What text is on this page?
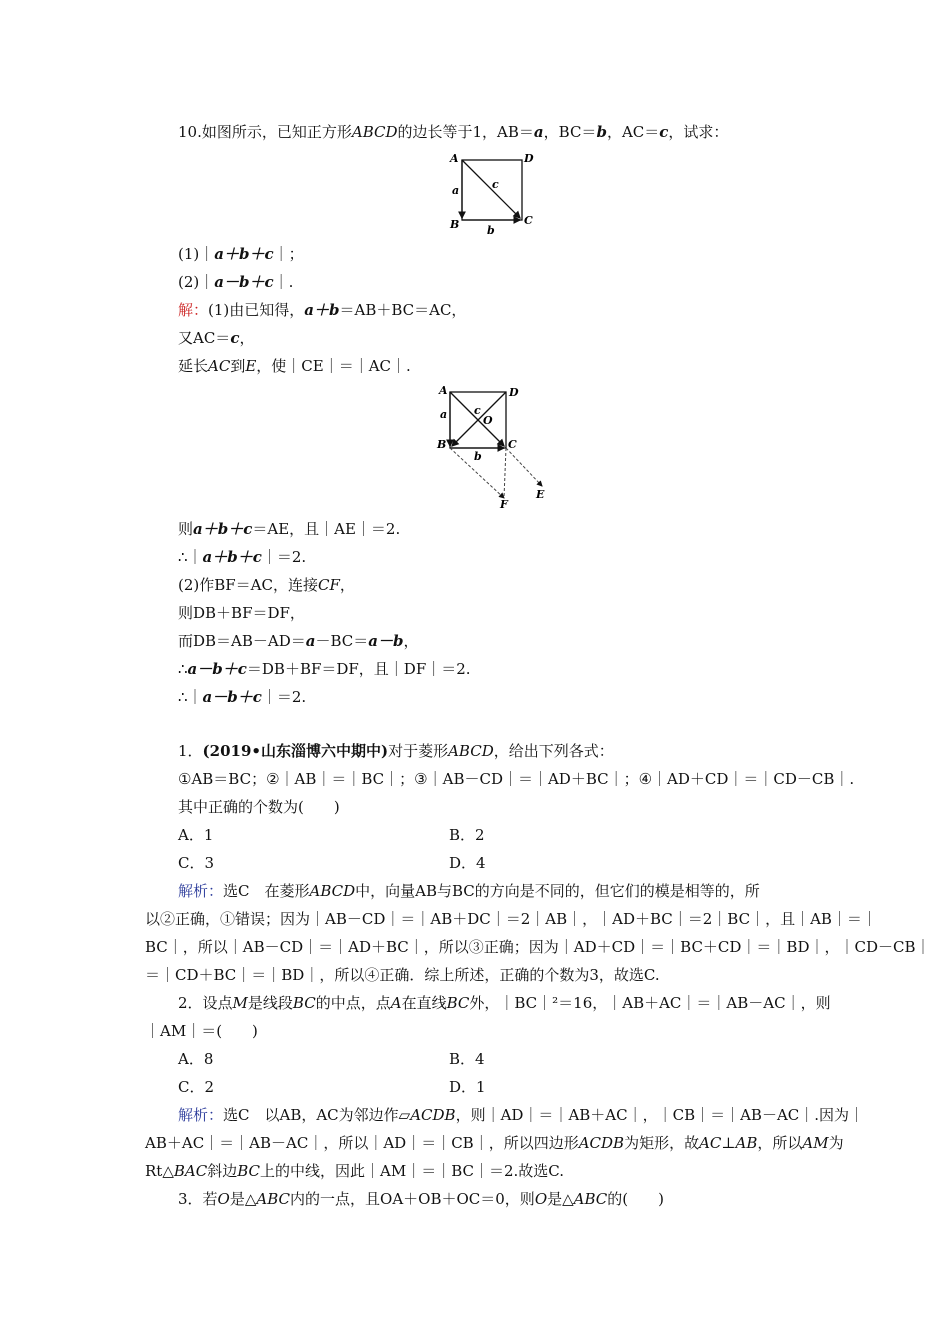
10.如图所示，已知正方形ABCD的边长等于1，AB＝a，BC＝b，AC＝c，试求：
A	D
B	C
a
b
c
(1)｜a＋b＋c｜；
(2)｜a－b＋c｜.
解：(1)由已知得，a＋b＝AB＋BC＝AC，
又AC＝c，
延长AC到E，使｜CE｜＝｜AC｜.
A	D
B	C
a
b
c
O
E
F
则a＋b＋c＝AE，且｜AE｜＝2.
∴｜a＋b＋c｜＝2.
(2)作BF＝AC，连接CF，
则DB＋BF＝DF，
而DB＝AB－AD＝a－BC＝a－b，
∴a－b＋c＝DB＋BF＝DF，且｜DF｜＝2.
∴｜a－b＋c｜＝2.
1．(2019•山东淄博六中期中)对于菱形ABCD，给出下列各式：
①AB＝BC；②｜AB｜＝｜BC｜；③｜AB－CD｜＝｜AD＋BC｜；④｜AD＋CD｜＝｜CD－CB｜.
其中正确的个数为(　　)
A．1	B．2
C．3	D．4
解析：选C　在菱形ABCD中，向量AB与BC的方向是不同的，但它们的模是相等的，所
以②正确，①错误；因为｜AB－CD｜＝｜AB＋DC｜＝2｜AB｜，｜AD＋BC｜＝2｜BC｜，且｜AB｜＝｜
BC｜，所以｜AB－CD｜＝｜AD＋BC｜，所以③正确；因为｜AD＋CD｜＝｜BC＋CD｜＝｜BD｜，｜CD－CB｜
＝｜CD＋BC｜＝｜BD｜，所以④正确．综上所述，正确的个数为3，故选C.
2．设点M是线段BC的中点，点A在直线BC外，｜BC｜²＝16，｜AB＋AC｜＝｜AB－AC｜，则
｜AM｜＝(　　)
A．8	B．4
C．2	D．1
解析：选C　以AB，AC为邻边作▱ACDB，则｜AD｜＝｜AB＋AC｜，｜CB｜＝｜AB－AC｜.因为｜
AB＋AC｜＝｜AB－AC｜，所以｜AD｜＝｜CB｜，所以四边形ACDB为矩形，故AC⊥AB，所以AM为
Rt△BAC斜边BC上的中线，因此｜AM｜＝｜BC｜＝2.故选C.
3．若O是△ABC内的一点，且OA＋OB＋OC＝0，则O是△ABC的(　　)
